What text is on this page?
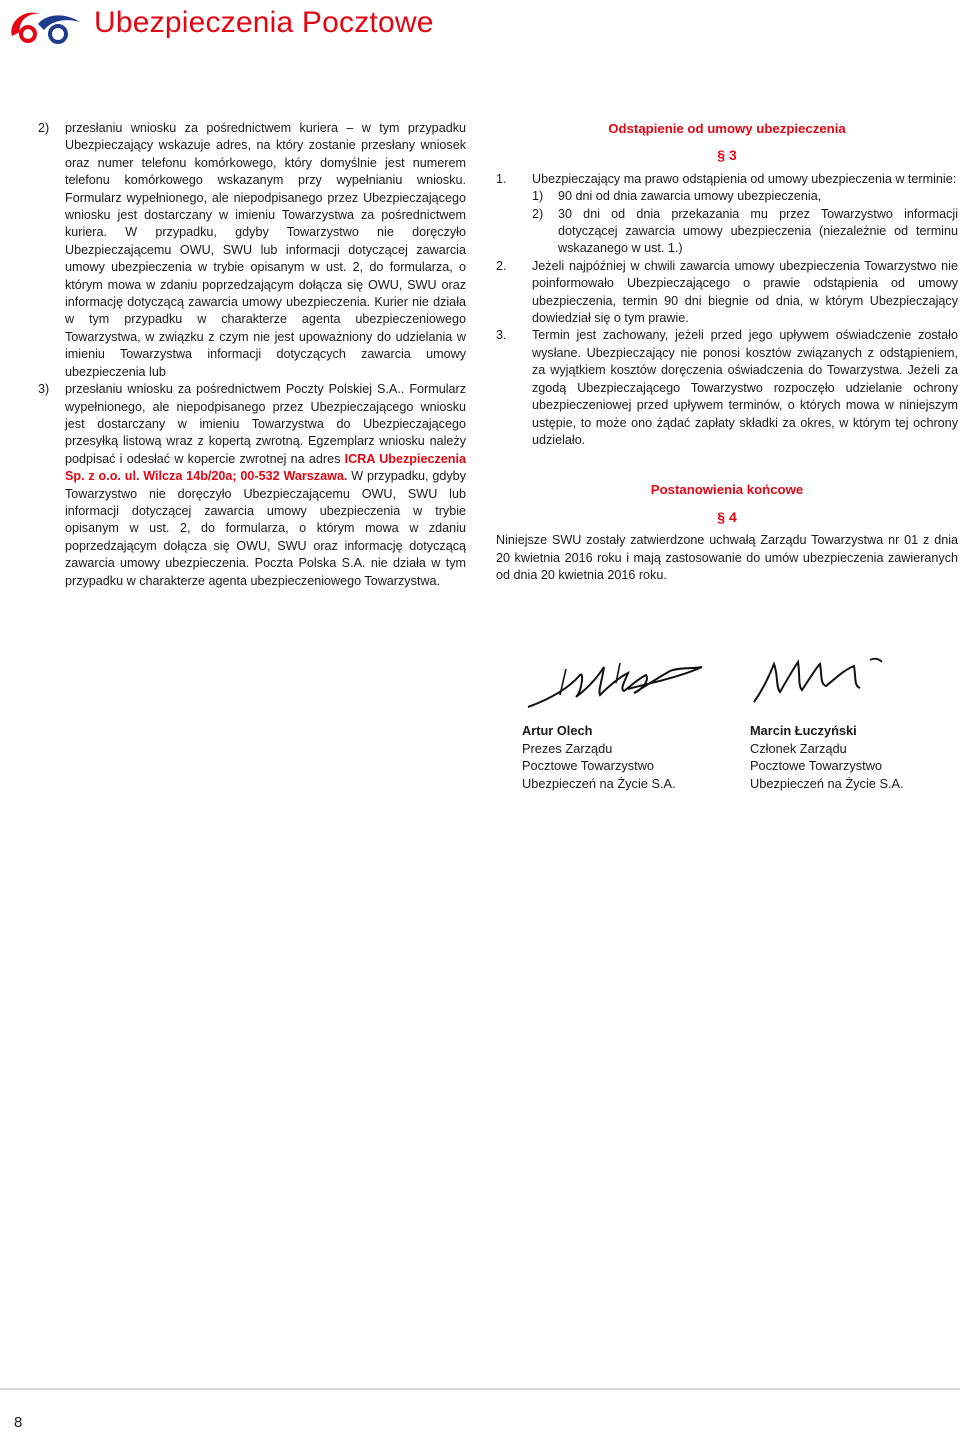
Ubezpieczenia Pocztowe
2)	przesłaniu wniosku za pośrednictwem kuriera – w tym przypadku Ubezpieczający wskazuje adres, na który zostanie przesłany wniosek oraz numer telefonu komórkowego, który domyślnie jest numerem telefonu komórkowego wskazanym przy wypełnianiu wniosku. Formularz wypełnionego, ale niepodpisanego przez Ubezpieczającego wniosku jest dostarczany w imieniu Towarzystwa za pośrednictwem kuriera. W przypadku, gdyby Towarzystwo nie doręczyło Ubezpieczającemu OWU, SWU lub informacji dotyczącej zawarcia umowy ubezpieczenia w trybie opisanym w ust. 2, do formularza, o którym mowa w zdaniu poprzedzającym dołącza się OWU, SWU oraz informację dotyczącą zawarcia umowy ubezpieczenia. Kurier nie działa w tym przypadku w charakterze agenta ubezpieczeniowego Towarzystwa, w związku z czym nie jest upoważniony do udzielania w imieniu Towarzystwa informacji dotyczących zawarcia umowy ubezpieczenia lub
3)	przesłaniu wniosku za pośrednictwem Poczty Polskiej S.A.. Formularz wypełnionego, ale niepodpisanego przez Ubezpieczającego wniosku jest dostarczany w imieniu Towarzystwa do Ubezpieczającego przesyłką listową wraz z kopertą zwrotną. Egzemplarz wniosku należy podpisać i odesłać w kopercie zwrotnej na adres ICRA Ubezpieczenia Sp. z o.o. ul. Wilcza 14b/20a; 00-532 Warszawa. W przypadku, gdyby Towarzystwo nie doręczyło Ubezpieczającemu OWU, SWU lub informacji dotyczącej zawarcia umowy ubezpieczenia w trybie opisanym w ust. 2, do formularza, o którym mowa w zdaniu poprzedzającym dołącza się OWU, SWU oraz informację dotyczącą zawarcia umowy ubezpieczenia. Poczta Polska S.A. nie działa w tym przypadku w charakterze agenta ubezpieczeniowego Towarzystwa.
Odstąpienie od umowy ubezpieczenia
§ 3
1.	Ubezpieczający ma prawo odstąpienia od umowy ubezpieczenia w terminie:
1)	90 dni od dnia zawarcia umowy ubezpieczenia,
2)	30 dni od dnia przekazania mu przez Towarzystwo informacji dotyczącej zawarcia umowy ubezpieczenia (niezależnie od terminu wskazanego w ust. 1.)
2.	Jeżeli najpóźniej w chwili zawarcia umowy ubezpieczenia Towarzystwo nie poinformowało Ubezpieczającego o prawie odstąpienia od umowy ubezpieczenia, termin 90 dni biegnie od dnia, w którym Ubezpieczający dowiedział się o tym prawie.
3.	Termin jest zachowany, jeżeli przed jego upływem oświadczenie zostało wysłane. Ubezpieczający nie ponosi kosztów związanych z odstąpieniem, za wyjątkiem kosztów doręczenia oświadczenia do Towarzystwa. Jeżeli za zgodą Ubezpieczającego Towarzystwo rozpoczęło udzielanie ochrony ubezpieczeniowej przed upływem terminów, o których mowa w niniejszym ustępie, to może ono żądać zapłaty składki za okres, w którym tej ochrony udzielało.
Postanowienia końcowe
§ 4
Niniejsze SWU zostały zatwierdzone uchwałą Zarządu Towarzystwa nr 01 z dnia 20 kwietnia 2016 roku i mają zastosowanie do umów ubezpieczenia zawieranych od dnia 20 kwietnia 2016 roku.
Artur Olech
Prezes Zarządu
Pocztowe Towarzystwo
Ubezpieczeń na Życie S.A.
Marcin Łuczyński
Członek Zarządu
Pocztowe Towarzystwo
Ubezpieczeń na Życie S.A.
8
